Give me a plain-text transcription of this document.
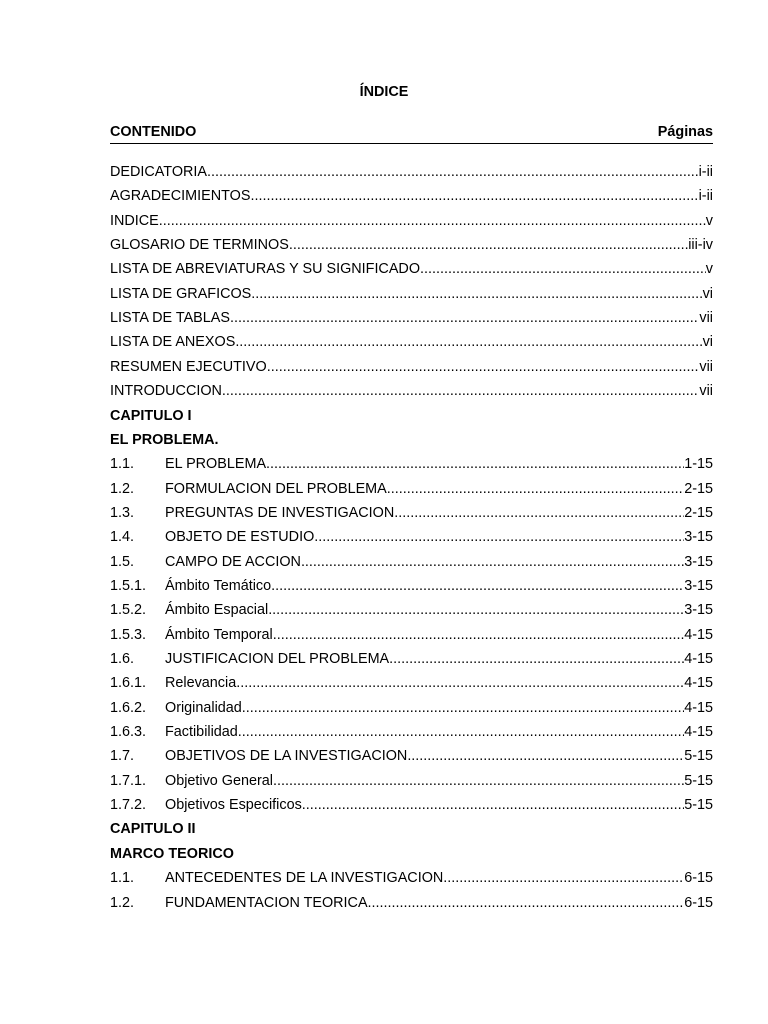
ÍNDICE
CONTENIDO	Páginas
DEDICATORIA .....	i-ii
AGRADECIMIENTOS .....	i-ii
INDICE .....	v
GLOSARIO DE TERMINOS .....	iii-iv
LISTA DE ABREVIATURAS Y SU SIGNIFICADO .....	v
LISTA DE GRAFICOS .....	vi
LISTA DE TABLAS .....	vii
LISTA DE ANEXOS .....	vi
RESUMEN EJECUTIVO .....	vii
INTRODUCCION .....	vii
CAPITULO I
EL PROBLEMA.
1.1. EL PROBLEMA .....	1-15
1.2. FORMULACION DEL PROBLEMA .....	2-15
1.3. PREGUNTAS DE INVESTIGACION .....	2-15
1.4. OBJETO DE ESTUDIO .....	3-15
1.5. CAMPO DE ACCION .....	3-15
1.5.1. Ámbito Temático .....	3-15
1.5.2. Ámbito Espacial .....	3-15
1.5.3. Ámbito Temporal .....	4-15
1.6. JUSTIFICACION DEL PROBLEMA .....	4-15
1.6.1. Relevancia .....	4-15
1.6.2. Originalidad .....	4-15
1.6.3. Factibilidad .....	4-15
1.7. OBJETIVOS DE LA INVESTIGACION .....	5-15
1.7.1. Objetivo General .....	5-15
1.7.2. Objetivos Especificos .....	5-15
CAPITULO II
MARCO TEORICO
1.1. ANTECEDENTES DE LA INVESTIGACION .....	6-15
1.2. FUNDAMENTACION TEORICA .....	6-15
